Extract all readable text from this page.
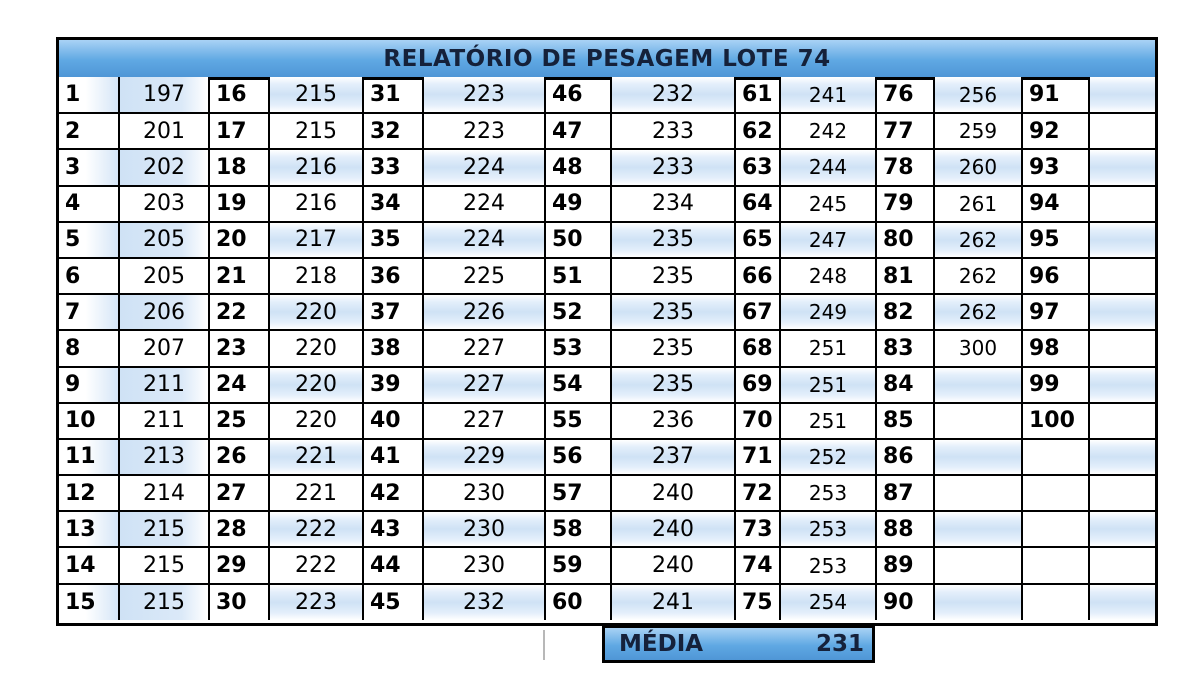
RELATÓRIO DE PESAGEM LOTE 74
1	197	16	215	31	223	46	232	61	241	76	256	91	
2	201	17	215	32	223	47	233	62	242	77	259	92	
3	202	18	216	33	224	48	233	63	244	78	260	93	
4	203	19	216	34	224	49	234	64	245	79	261	94	
5	205	20	217	35	224	50	235	65	247	80	262	95	
6	205	21	218	36	225	51	235	66	248	81	262	96	
7	206	22	220	37	226	52	235	67	249	82	262	97	
8	207	23	220	38	227	53	235	68	251	83	300	98	
9	211	24	220	39	227	54	235	69	251	84		99	
10	211	25	220	40	227	55	236	70	251	85		100	
11	213	26	221	41	229	56	237	71	252	86			
12	214	27	221	42	230	57	240	72	253	87			
13	215	28	222	43	230	58	240	73	253	88			
14	215	29	222	44	230	59	240	74	253	89			
15	215	30	223	45	232	60	241	75	254	90			
MÉDIA	231
